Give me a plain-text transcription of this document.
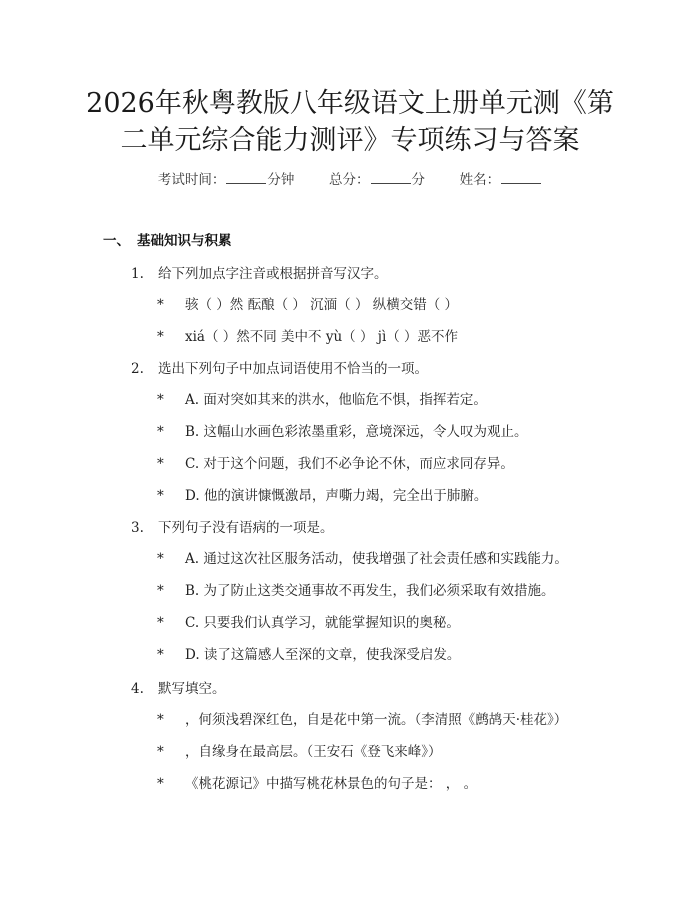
2026年秋粤教版八年级语文上册单元测《第
二单元综合能力测评》专项练习与答案
考试时间：	分钟	总分：	分	姓名：
一、 基础知识与积累
1. 给下列加点字注音或根据拼音写汉字。
* 骇（ ）然 酝酿（ ） 沉湎（ ） 纵横交错（ ）
* xiá（ ）然不同 美中不 yù（ ） jì（ ）恶不作
2. 选出下列句子中加点词语使用不恰当的一项。
* A. 面对突如其来的洪水，他临危不惧，指挥若定。
* B. 这幅山水画色彩浓墨重彩，意境深远，令人叹为观止。
* C. 对于这个问题，我们不必争论不休，而应求同存异。
* D. 他的演讲慷慨激昂，声嘶力竭，完全出于肺腑。
3. 下列句子没有语病的一项是。
* A. 通过这次社区服务活动，使我增强了社会责任感和实践能力。
* B. 为了防止这类交通事故不再发生，我们必须采取有效措施。
* C. 只要我们认真学习，就能掌握知识的奥秘。
* D. 读了这篇感人至深的文章，使我深受启发。
4. 默写填空。
* ，何须浅碧深红色，自是花中第一流。（李清照《鹧鸪天·桂花》）
* ，自缘身在最高层。（王安石《登飞来峰》）
* 《桃花源记》中描写桃花林景色的句子是： ， 。
